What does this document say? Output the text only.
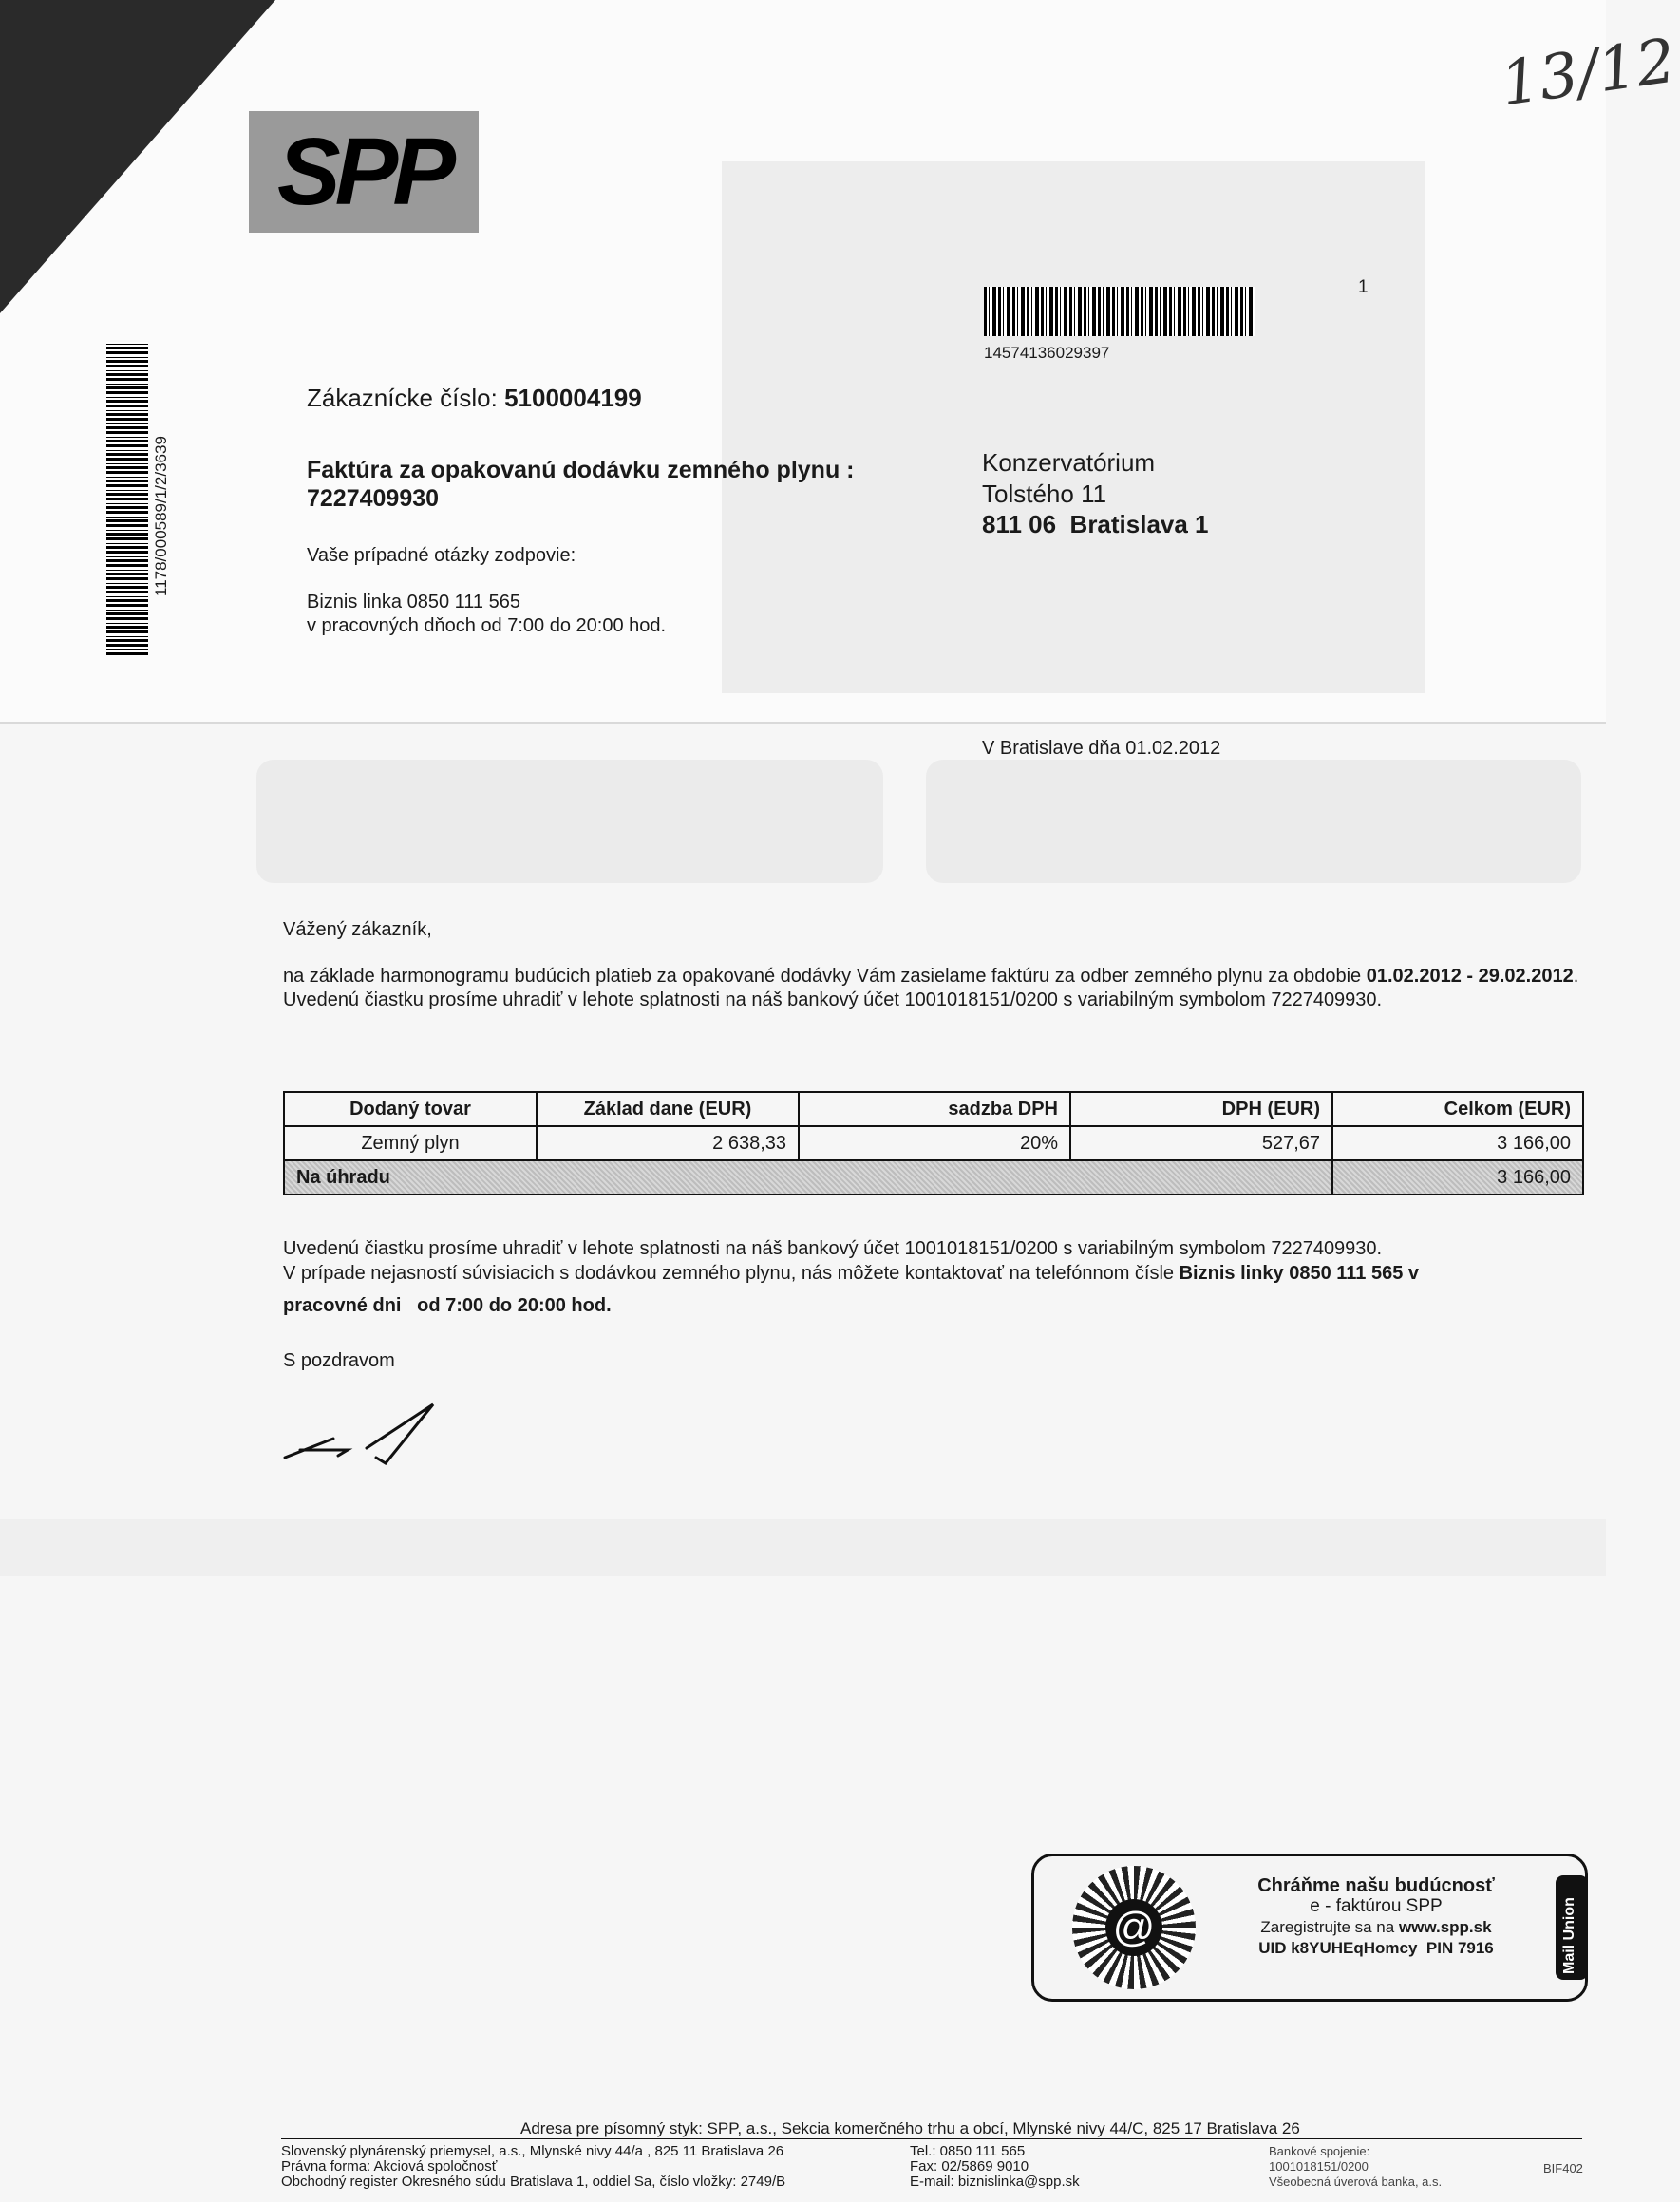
SPP
13/12
1
14574136029397
1178/000589/1/2/3639
Zákaznícke číslo: 5100004199
Faktúra za opakovanú dodávku zemného plynu :
7227409930
Vaše prípadné otázky zodpovie:
Biznis linka 0850 111 565
v pracovných dňoch od 7:00 do 20:00 hod.
Konzervatórium
Tolstého 11
811 06  Bratislava 1
V Bratislave dňa 01.02.2012
Vážený zákazník,
na základe harmonogramu budúcich platieb za opakované dodávky Vám zasielame faktúru za odber zemného plynu za obdobie 01.02.2012 - 29.02.2012.
Uvedenú čiastku prosíme uhradiť v lehote splatnosti na náš bankový účet 1001018151/0200 s variabilným symbolom 7227409930.
Dodaný tovar	Základ dane (EUR)	sadzba DPH	DPH (EUR)	Celkom (EUR)
Zemný plyn	2 638,33	20%	527,67	3 166,00
Na úhradu				3 166,00
Uvedenú čiastku prosíme uhradiť v lehote splatnosti na náš bankový účet 1001018151/0200 s variabilným symbolom 7227409930.
V prípade nejasností súvisiacich s dodávkou zemného plynu, nás môžete kontaktovať na telefónnom čísle Biznis linky 0850 111 565 v
pracovné dni   od 7:00 do 20:00 hod.
S pozdravom
@
Chráňme našu budúcnosť
e - faktúrou SPP
Zaregistrujte sa na www.spp.sk
UID k8YUHEqHomcy  PIN 7916	Mail Union
Adresa pre písomný styk: SPP, a.s., Sekcia komerčného trhu a obcí, Mlynské nivy 44/C, 825 17 Bratislava 26
Slovenský plynárenský priemysel, a.s., Mlynské nivy 44/a , 825 11 Bratislava 26
Právna forma: Akciová spoločnosť
Obchodný register Okresného súdu Bratislava 1, oddiel Sa, číslo vložky: 2749/B
Tel.: 0850 111 565
Fax: 02/5869 9010
E-mail: biznislinka@spp.sk
Bankové spojenie:
1001018151/0200
Všeobecná úverová banka, a.s.
BIF402
